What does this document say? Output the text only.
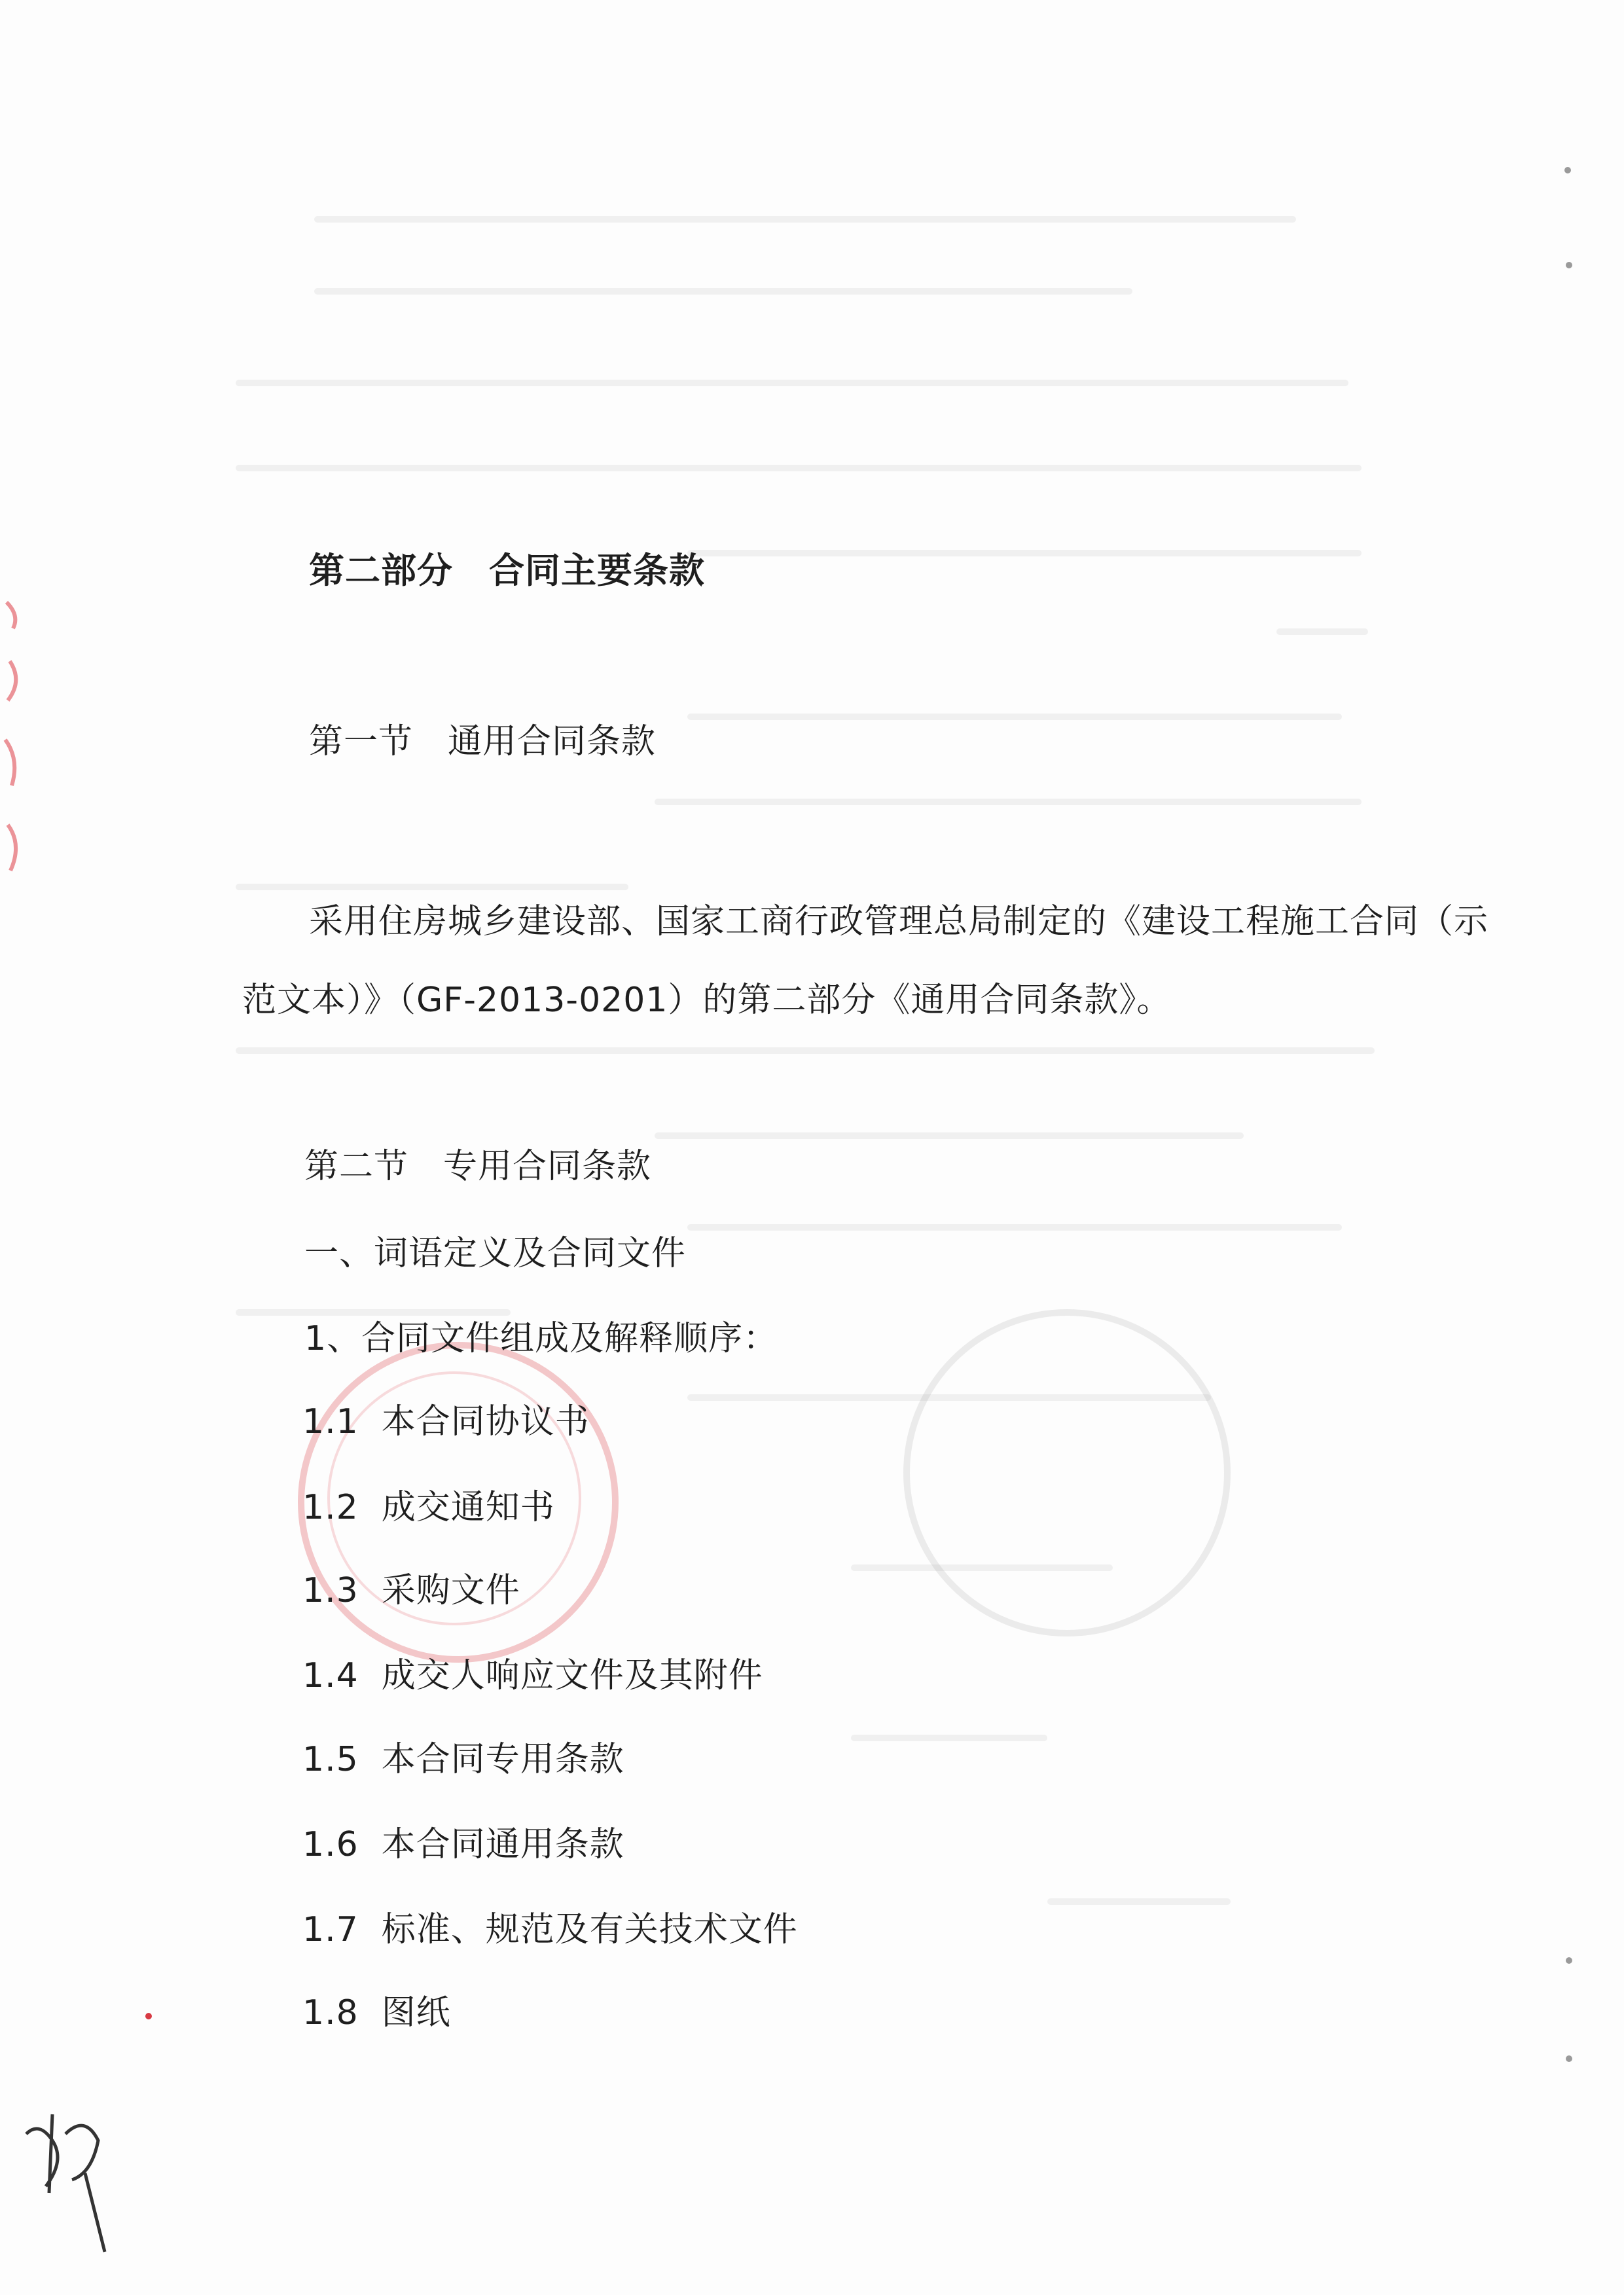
第二部分　合同主要条款
第一节　通用合同条款
采用住房城乡建设部、国家工商行政管理总局制定的《建设工程施工合同（示
范文本）》（GF-2013-0201）的第二部分《通用合同条款》。
第二节　专用合同条款
一、词语定义及合同文件
1、合同文件组成及解释顺序：
1.1 本合同协议书
1.2 成交通知书
1.3 采购文件
1.4 成交人响应文件及其附件
1.5 本合同专用条款
1.6 本合同通用条款
1.7 标准、规范及有关技术文件
1.8 图纸
